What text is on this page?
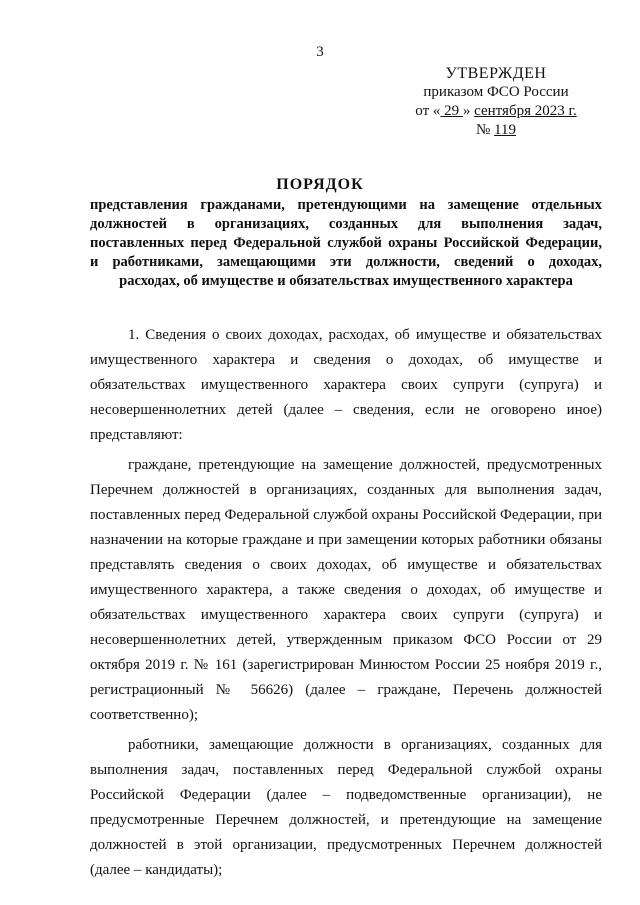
3
УТВЕРЖДЕН
приказом ФСО России
от « 29 » сентября 2023 г.
№ 119
ПОРЯДОК
представления гражданами, претендующими на замещение отдельных
должностей в организациях, созданных для выполнения задач,
поставленных перед Федеральной службой охраны Российской Федерации,
и работниками, замещающими эти должности, сведений о доходах,
расходах, об имуществе и обязательствах имущественного характера

1. Сведения о своих доходах, расходах, об имуществе и обязательствах имущественного характера и сведения о доходах, об имуществе и обязательствах имущественного характера своих супруги (супруга) и несовершеннолетних детей (далее – сведения, если не оговорено иное) представляют:

граждане, претендующие на замещение должностей, предусмотренных Перечнем должностей в организациях, созданных для выполнения задач, поставленных перед Федеральной службой охраны Российской Федерации, при назначении на которые граждане и при замещении которых работники обязаны представлять сведения о своих доходах, об имуществе и обязательствах имущественного характера, а также сведения о доходах, об имуществе и обязательствах имущественного характера своих супруги (супруга) и несовершеннолетних детей, утвержденным приказом ФСО России от 29 октября 2019 г. № 161 (зарегистрирован Минюстом России 25 ноября 2019 г., регистрационный № 56626) (далее – граждане, Перечень должностей соответственно);

работники, замещающие должности в организациях, созданных для выполнения задач, поставленных перед Федеральной службой охраны Российской Федерации (далее – подведомственные организации), не предусмотренные Перечнем должностей, и претендующие на замещение должностей в этой организации, предусмотренных Перечнем должностей (далее – кандидаты);
